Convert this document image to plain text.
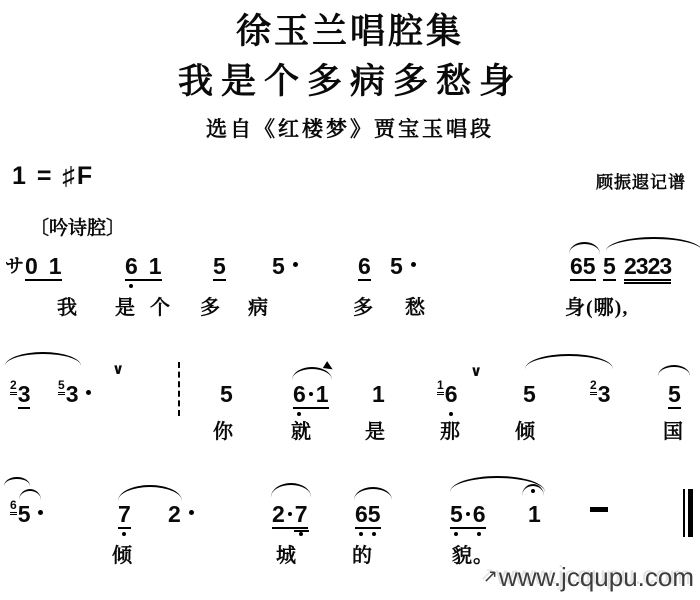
徐玉兰唱腔集
我是个多病多愁身
选自《红楼梦》贾宝玉唱段
1 = ♯F	顾振遐记谱
〔吟诗腔〕
サ 0 1	6 1 5 5	6 5	65 5 2323
我 是 个 多 病	多 愁	身(哪),
$^2$3 $^5$3
∨
5	6 1 1	$^1$6
∨
5	$^2$3	5
你	就	是	那	倾	国
$^6$5	7 2	2 7 65	5 6 1
倾	城	的	貌。
↗www.jcqupu.com
